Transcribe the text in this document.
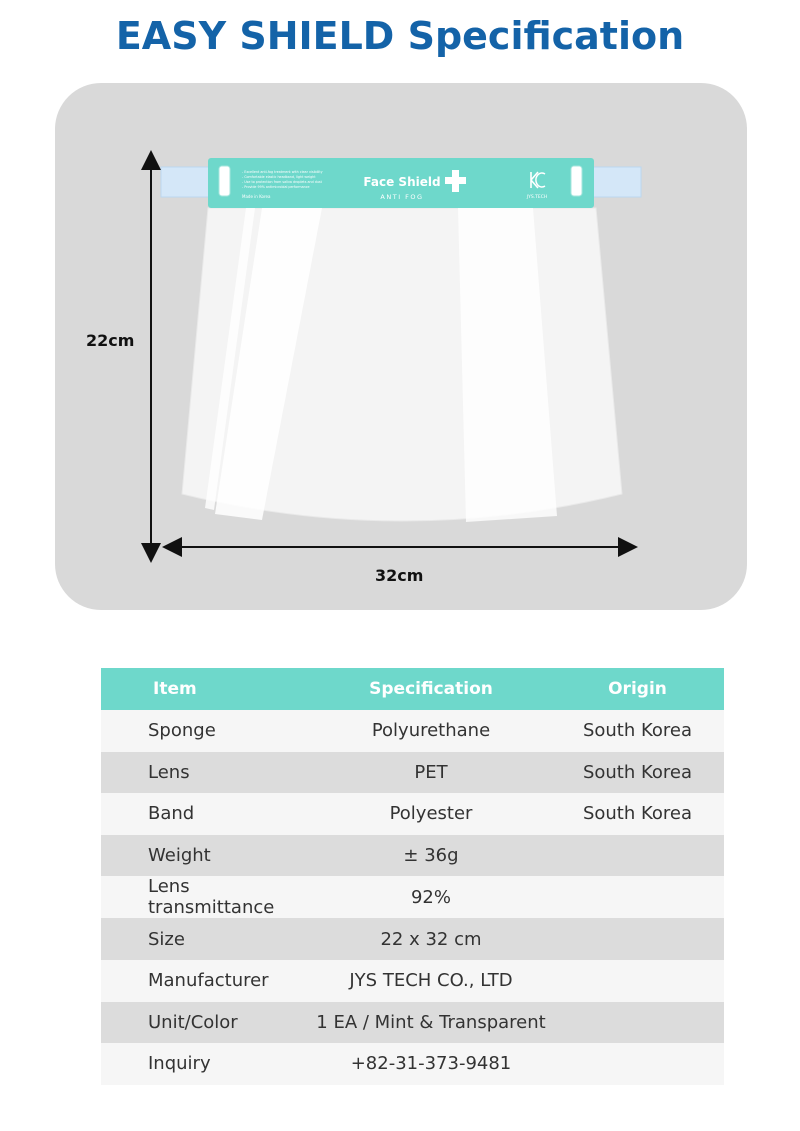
EASY SHIELD Specification
- Excellent anti-fog treatment with clear visibility
- Comfortable elastic headband, light weight
- Use to protection from saliva droplets and dust
- Provide 99% antimicrobial performance
Made in Korea
Face Shield
ANTI FOG	JYS.TECH
22cm
32cm
Item	Specification	Origin
Sponge	Polyurethane	South Korea
Lens	PET	South Korea
Band	Polyester	South Korea
Weight	± 36g	
Lens transmittance	92%	
Size	22 x 32 cm	
Manufacturer	JYS TECH CO., LTD	
Unit/Color	1 EA / Mint & Transparent	
Inquiry	+82-31-373-9481	
